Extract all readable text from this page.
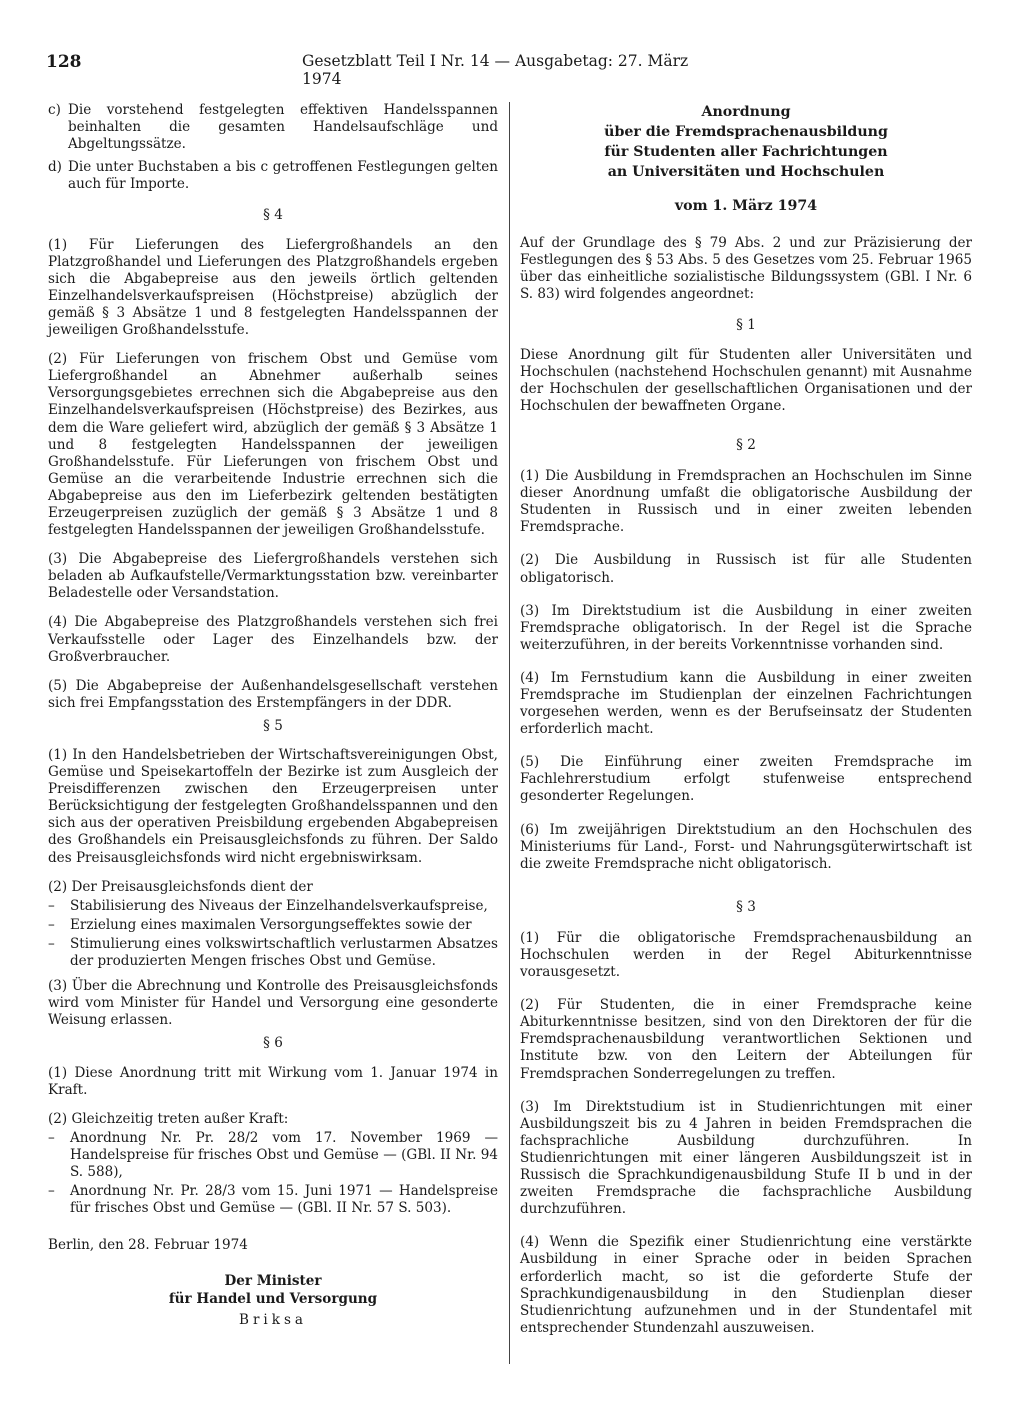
128	Gesetzblatt Teil I Nr. 14 — Ausgabetag: 27. März 1974
c) Die vorstehend festgelegten effektiven Handelsspannen beinhalten die gesamten Handelsaufschläge und Abgeltungssätze.
d) Die unter Buchstaben a bis c getroffenen Festlegungen gelten auch für Importe.
§ 4

(1) Für Lieferungen des Liefergroßhandels an den Platzgroßhandel und Lieferungen des Platzgroßhandels ergeben sich die Abgabepreise aus den jeweils örtlich geltenden Einzelhandelsverkaufspreisen (Höchstpreise) abzüglich der gemäß § 3 Absätze 1 und 8 festgelegten Handelsspannen der jeweiligen Großhandelsstufe.

(2) Für Lieferungen von frischem Obst und Gemüse vom Liefergroßhandel an Abnehmer außerhalb seines Versorgungsgebietes errechnen sich die Abgabepreise aus den Einzelhandelsverkaufspreisen (Höchstpreise) des Bezirkes, aus dem die Ware geliefert wird, abzüglich der gemäß § 3 Absätze 1 und 8 festgelegten Handelsspannen der jeweiligen Großhandelsstufe. Für Lieferungen von frischem Obst und Gemüse an die verarbeitende Industrie errechnen sich die Abgabepreise aus den im Lieferbezirk geltenden bestätigten Erzeugerpreisen zuzüglich der gemäß § 3 Absätze 1 und 8 festgelegten Handelsspannen der jeweiligen Großhandelsstufe.

(3) Die Abgabepreise des Liefergroßhandels verstehen sich beladen ab Aufkaufstelle/Vermarktungsstation bzw. vereinbarter Beladestelle oder Versandstation.

(4) Die Abgabepreise des Platzgroßhandels verstehen sich frei Verkaufsstelle oder Lager des Einzelhandels bzw. der Großverbraucher.

(5) Die Abgabepreise der Außenhandelsgesellschaft verstehen sich frei Empfangsstation des Erstempfängers in der DDR.

§ 5

(1) In den Handelsbetrieben der Wirtschaftsvereinigungen Obst, Gemüse und Speisekartoffeln der Bezirke ist zum Ausgleich der Preisdifferenzen zwischen den Erzeugerpreisen unter Berücksichtigung der festgelegten Großhandelsspannen und den sich aus der operativen Preisbildung ergebenden Abgabepreisen des Großhandels ein Preisausgleichsfonds zu führen. Der Saldo des Preisausgleichsfonds wird nicht ergebniswirksam.

(2) Der Preisausgleichsfonds dient der

–	Stabilisierung des Niveaus der Einzelhandelsverkaufspreise,
–	Erzielung eines maximalen Versorgungseffektes sowie der
–	Stimulierung eines volkswirtschaftlich verlustarmen Absatzes der produzierten Mengen frisches Obst und Gemüse.

(3) Über die Abrechnung und Kontrolle des Preisausgleichsfonds wird vom Minister für Handel und Versorgung eine gesonderte Weisung erlassen.

§ 6

(1) Diese Anordnung tritt mit Wirkung vom 1. Januar 1974 in Kraft.

(2) Gleichzeitig treten außer Kraft:

–	Anordnung Nr. Pr. 28/2 vom 17. November 1969 — Handelspreise für frisches Obst und Gemüse — (GBl. II Nr. 94 S. 588),
–	Anordnung Nr. Pr. 28/3 vom 15. Juni 1971 — Handelspreise für frisches Obst und Gemüse — (GBl. II Nr. 57 S. 503).

Berlin, den 28. Februar 1974

Der Minister
für Handel und Versorgung
Briksa
Anordnung
über die Fremdsprachenausbildung
für Studenten aller Fachrichtungen
an Universitäten und Hochschulen
vom 1. März 1974

Auf der Grundlage des § 79 Abs. 2 und zur Präzisierung der Festlegungen des § 53 Abs. 5 des Gesetzes vom 25. Februar 1965 über das einheitliche sozialistische Bildungssystem (GBl. I Nr. 6 S. 83) wird folgendes angeordnet:

§ 1

Diese Anordnung gilt für Studenten aller Universitäten und Hochschulen (nachstehend Hochschulen genannt) mit Ausnahme der Hochschulen der gesellschaftlichen Organisationen und der Hochschulen der bewaffneten Organe.

§ 2

(1) Die Ausbildung in Fremdsprachen an Hochschulen im Sinne dieser Anordnung umfaßt die obligatorische Ausbildung der Studenten in Russisch und in einer zweiten lebenden Fremdsprache.

(2) Die Ausbildung in Russisch ist für alle Studenten obligatorisch.

(3) Im Direktstudium ist die Ausbildung in einer zweiten Fremdsprache obligatorisch. In der Regel ist die Sprache weiterzuführen, in der bereits Vorkenntnisse vorhanden sind.

(4) Im Fernstudium kann die Ausbildung in einer zweiten Fremdsprache im Studienplan der einzelnen Fachrichtungen vorgesehen werden, wenn es der Berufseinsatz der Studenten erforderlich macht.

(5) Die Einführung einer zweiten Fremdsprache im Fachlehrerstudium erfolgt stufenweise entsprechend gesonderter Regelungen.

(6) Im zweijährigen Direktstudium an den Hochschulen des Ministeriums für Land-, Forst- und Nahrungsgüterwirtschaft ist die zweite Fremdsprache nicht obligatorisch.

§ 3

(1) Für die obligatorische Fremdsprachenausbildung an Hochschulen werden in der Regel Abiturkenntnisse vorausgesetzt.

(2) Für Studenten, die in einer Fremdsprache keine Abiturkenntnisse besitzen, sind von den Direktoren der für die Fremdsprachenausbildung verantwortlichen Sektionen und Institute bzw. von den Leitern der Abteilungen für Fremdsprachen Sonderregelungen zu treffen.

(3) Im Direktstudium ist in Studienrichtungen mit einer Ausbildungszeit bis zu 4 Jahren in beiden Fremdsprachen die fachsprachliche Ausbildung durchzuführen. In Studienrichtungen mit einer längeren Ausbildungszeit ist in Russisch die Sprachkundigenausbildung Stufe II b und in der zweiten Fremdsprache die fachsprachliche Ausbildung durchzuführen.

(4) Wenn die Spezifik einer Studienrichtung eine verstärkte Ausbildung in einer Sprache oder in beiden Sprachen erforderlich macht, so ist die geforderte Stufe der Sprachkundigenausbildung in den Studienplan dieser Studienrichtung aufzunehmen und in der Stundentafel mit entsprechender Stundenzahl auszuweisen.
